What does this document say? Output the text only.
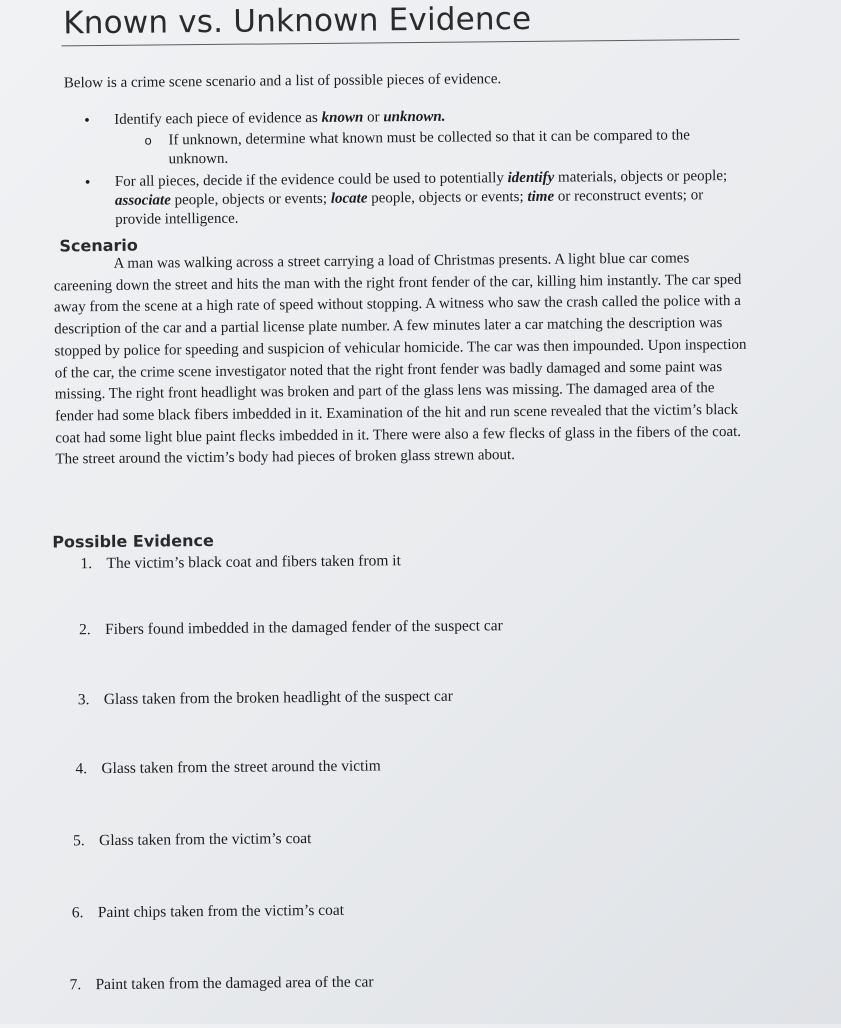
Known vs. Unknown Evidence
Below is a crime scene scenario and a list of possible pieces of evidence.
• Identify each piece of evidence as known or unknown.
o If unknown, determine what known must be collected so that it can be compared to the unknown.
• For all pieces, decide if the evidence could be used to potentially identify materials, objects or people; associate people, objects or events; locate people, objects or events; time or reconstruct events; or provide intelligence.
Scenario
A man was walking across a street carrying a load of Christmas presents. A light blue car comes careening down the street and hits the man with the right front fender of the car, killing him instantly. The car sped away from the scene at a high rate of speed without stopping. A witness who saw the crash called the police with a description of the car and a partial license plate number. A few minutes later a car matching the description was stopped by police for speeding and suspicion of vehicular homicide. The car was then impounded. Upon inspection of the car, the crime scene investigator noted that the right front fender was badly damaged and some paint was missing. The right front headlight was broken and part of the glass lens was missing. The damaged area of the fender had some black fibers imbedded in it. Examination of the hit and run scene revealed that the victim’s black coat had some light blue paint flecks imbedded in it. There were also a few flecks of glass in the fibers of the coat. The street around the victim’s body had pieces of broken glass strewn about.
Possible Evidence
1. The victim’s black coat and fibers taken from it
2. Fibers found imbedded in the damaged fender of the suspect car
3. Glass taken from the broken headlight of the suspect car
4. Glass taken from the street around the victim
5. Glass taken from the victim’s coat
6. Paint chips taken from the victim’s coat
7. Paint taken from the damaged area of the car
